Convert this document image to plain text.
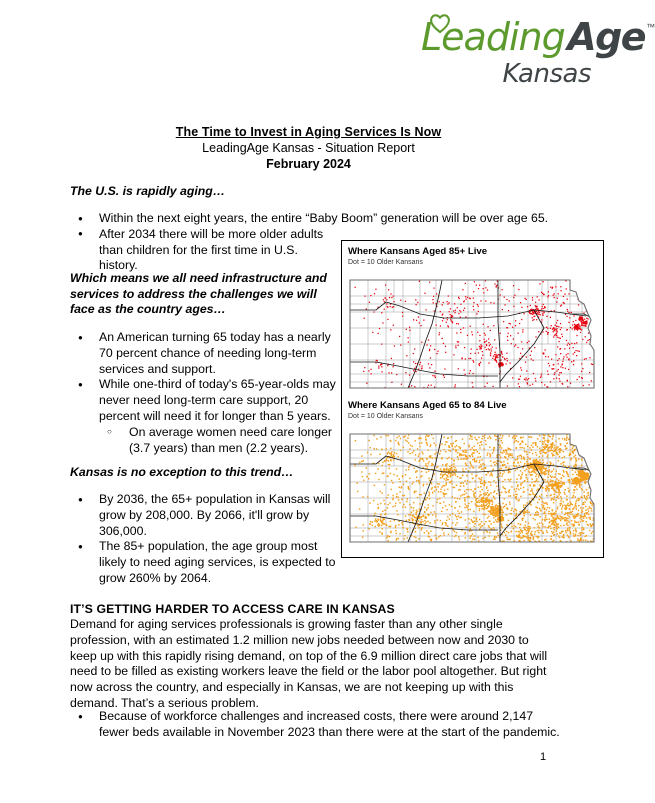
Leading
Age™
Kansas
The Time to Invest in Aging Services Is Now
LeadingAge Kansas - Situation Report
February 2024
The U.S. is rapidly aging…
● Within the next eight years, the entire “Baby Boom” generation will be over age 65.
● After 2034 there will be more older adults than children for the first time in U.S. history.
Which means we all need infrastructure and services to address the challenges we will face as the country ages…
● An American turning 65 today has a nearly 70 percent chance of needing long-term services and support.
● While one-third of today's 65-year-olds may never need long-term care support, 20 percent will need it for longer than 5 years.
○ On average women need care longer (3.7 years) than men (2.2 years).
Kansas is no exception to this trend…
● By 2036, the 65+ population in Kansas will grow by 208,000. By 2066, it'll grow by 306,000.
● The 85+ population, the age group most likely to need aging services, is expected to grow 260% by 2064.
Where Kansans Aged 85+ Live
Dot = 10 Older Kansans
Where Kansans Aged 65 to 84 Live
Dot = 10 Older Kansans
IT’S GETTING HARDER TO ACCESS CARE IN KANSAS
Demand for aging services professionals is growing faster than any other single profession, with an estimated 1.2 million new jobs needed between now and 2030 to keep up with this rapidly rising demand, on top of the 6.9 million direct care jobs that will need to be filled as existing workers leave the field or the labor pool altogether. But right now across the country, and especially in Kansas, we are not keeping up with this demand. That’s a serious problem.
● Because of workforce challenges and increased costs, there were around 2,147 fewer beds available in November 2023 than there were at the start of the pandemic.
1
